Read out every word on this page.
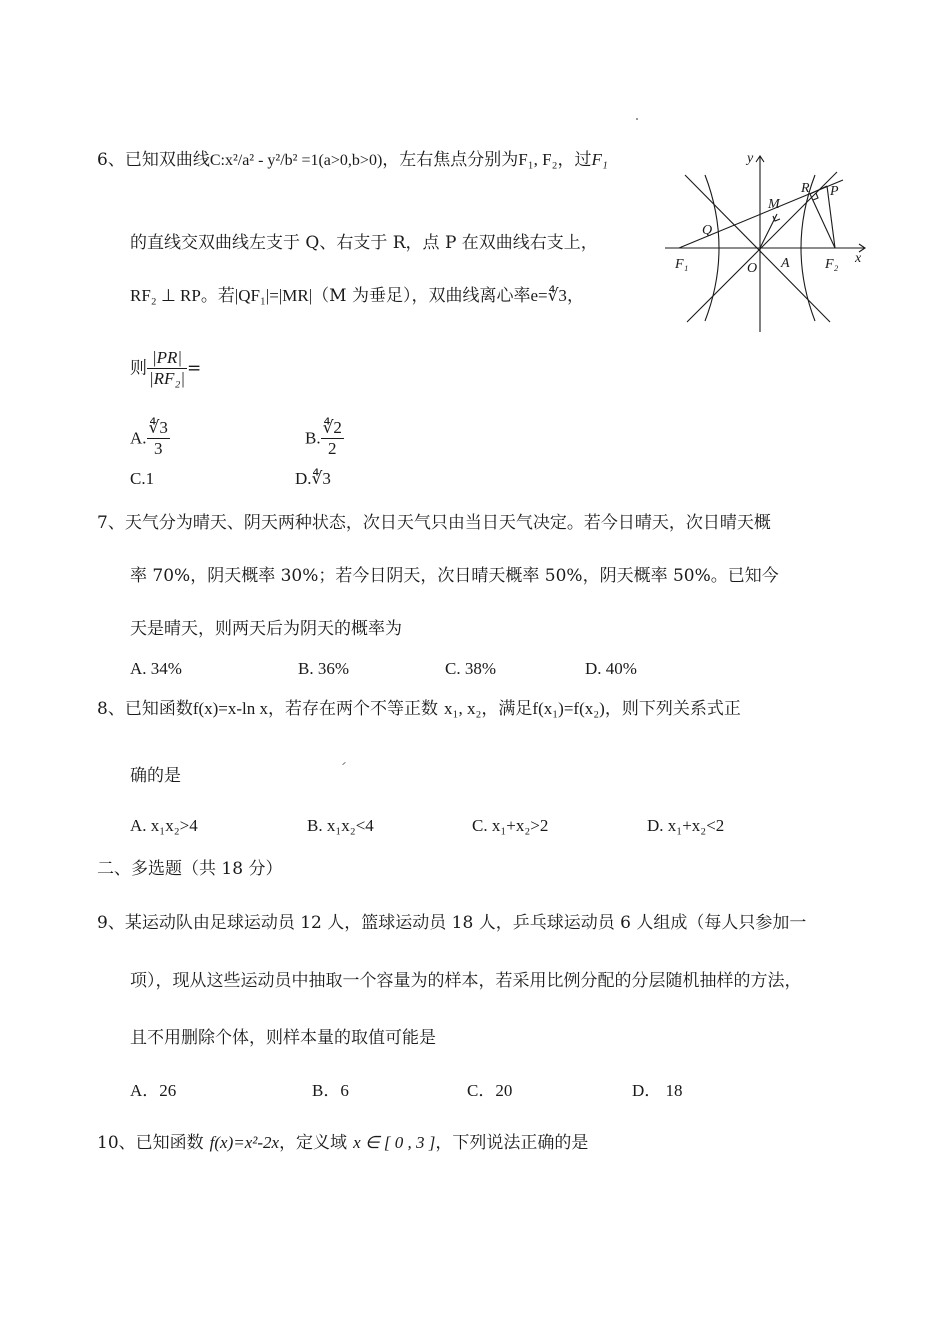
6、已知双曲线C:x²/a² - y²/b² =1(a>0,b>0)，左右焦点分别为F₁, F₂，过F₁
的直线交双曲线左支于 Q、右支于 R，点 P 在双曲线右支上，
RF₂ ⊥ RP。若|QF₁|=|MR|（M 为垂足），双曲线离心率e=∜3，
则 $\frac{|PR|}{\text{|RF₂|}}$ =
A. $\frac{∜3}{3}$	B. $\frac{∜2}{2}$
C.1	D.∜3
y
x
R P
M
Q
F₁	O A	F₂
7、天气分为晴天、阴天两种状态，次日天气只由当日天气决定。若今日晴天，次日晴天概
率 70%，阴天概率 30%；若今日阴天，次日晴天概率 50%，阴天概率 50%。已知今
天是晴天，则两天后为阴天的概率为
A. 34%	B. 36%	C. 38%	D. 40%
8、已知函数f(x)=x-ln x，若存在两个不等正数 x₁, x₂，满足f(x₁)=f(x₂)，则下列关系式正
确的是
A. x₁x₂>4	B. x₁x₂<4	C. x₁+x₂>2	D. x₁+x₂<2
二、多选题（共 18 分）
9、某运动队由足球运动员 12 人，篮球运动员 18 人，乒乓球运动员 6 人组成（每人只参加一
项），现从这些运动员中抽取一个容量为的样本，若采用比例分配的分层随机抽样的方法，
且不用删除个体，则样本量的取值可能是
A．26	B．6	C．20	D． 18
10、已知函数 f(x)=x²-2x，定义域 x ∈ [ 0 , 3 ]，下列说法正确的是
